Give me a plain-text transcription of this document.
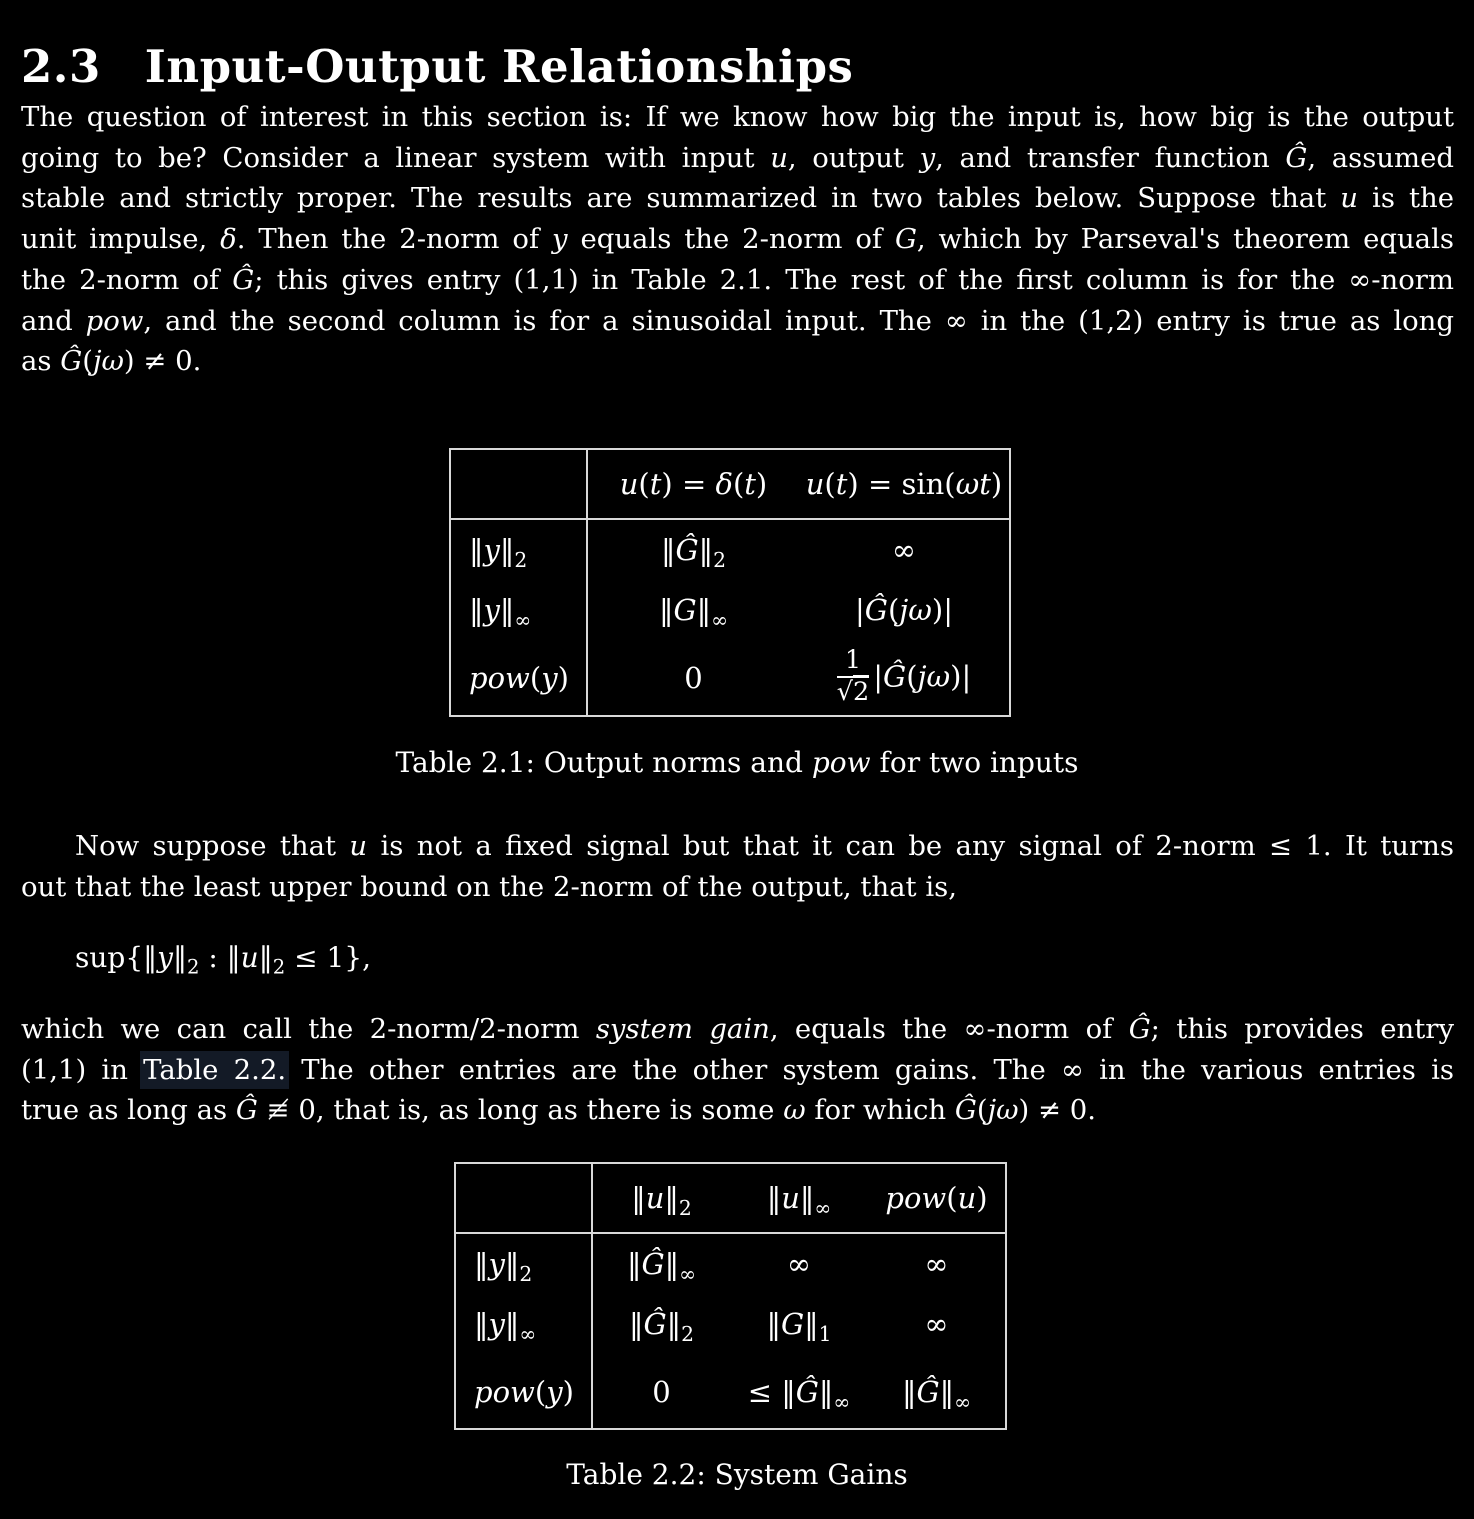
2.3 Input-Output Relationships
The question of interest in this section is: If we know how big the input is, how big is the output
going to be? Consider a linear system with input u, output y, and transfer function Ĝ, assumed
stable and strictly proper. The results are summarized in two tables below. Suppose that u is the
unit impulse, δ. Then the 2-norm of y equals the 2-norm of G, which by Parseval's theorem equals
the 2-norm of Ĝ; this gives entry (1,1) in Table 2.1. The rest of the first column is for the ∞-norm
and pow, and the second column is for a sinusoidal input. The ∞ in the (1,2) entry is true as long
as Ĝ(jω) ≠ 0.
	u(t) = δ(t)	u(t) = sin(ωt)
$‖y‖_2$	$‖Ĝ‖_2$	∞
$‖y‖_\infty$	$‖G‖_\infty$	|Ĝ(jω)|
pow(y)	0	$\frac{1}{√2}$ |Ĝ(jω)|
Table 2.1: Output norms and pow for two inputs
Now suppose that u is not a fixed signal but that it can be any signal of 2-norm ≤ 1. It turns
out that the least upper bound on the 2-norm of the output, that is,
$sup\{‖y‖_2$ : $‖u‖_2 \le 1$},
which we can call the 2-norm/2-norm system gain, equals the ∞-norm of Ĝ; this provides entry
(1,1) in Table 2.2. The other entries are the other system gains. The ∞ in the various entries is
true as long as Ĝ ≢ 0, that is, as long as there is some ω for which Ĝ(jω) ≠ 0.
	$‖u‖_2$	$‖u‖_\infty$	pow(u)
$‖y‖_2$	$‖Ĝ‖_\infty$	∞	∞
$‖y‖_\infty$	$‖Ĝ‖_2$	$‖G‖_1$	∞
pow(y)	0	≤ $‖Ĝ‖_\infty$	$‖Ĝ‖_\infty$
Table 2.2: System Gains
